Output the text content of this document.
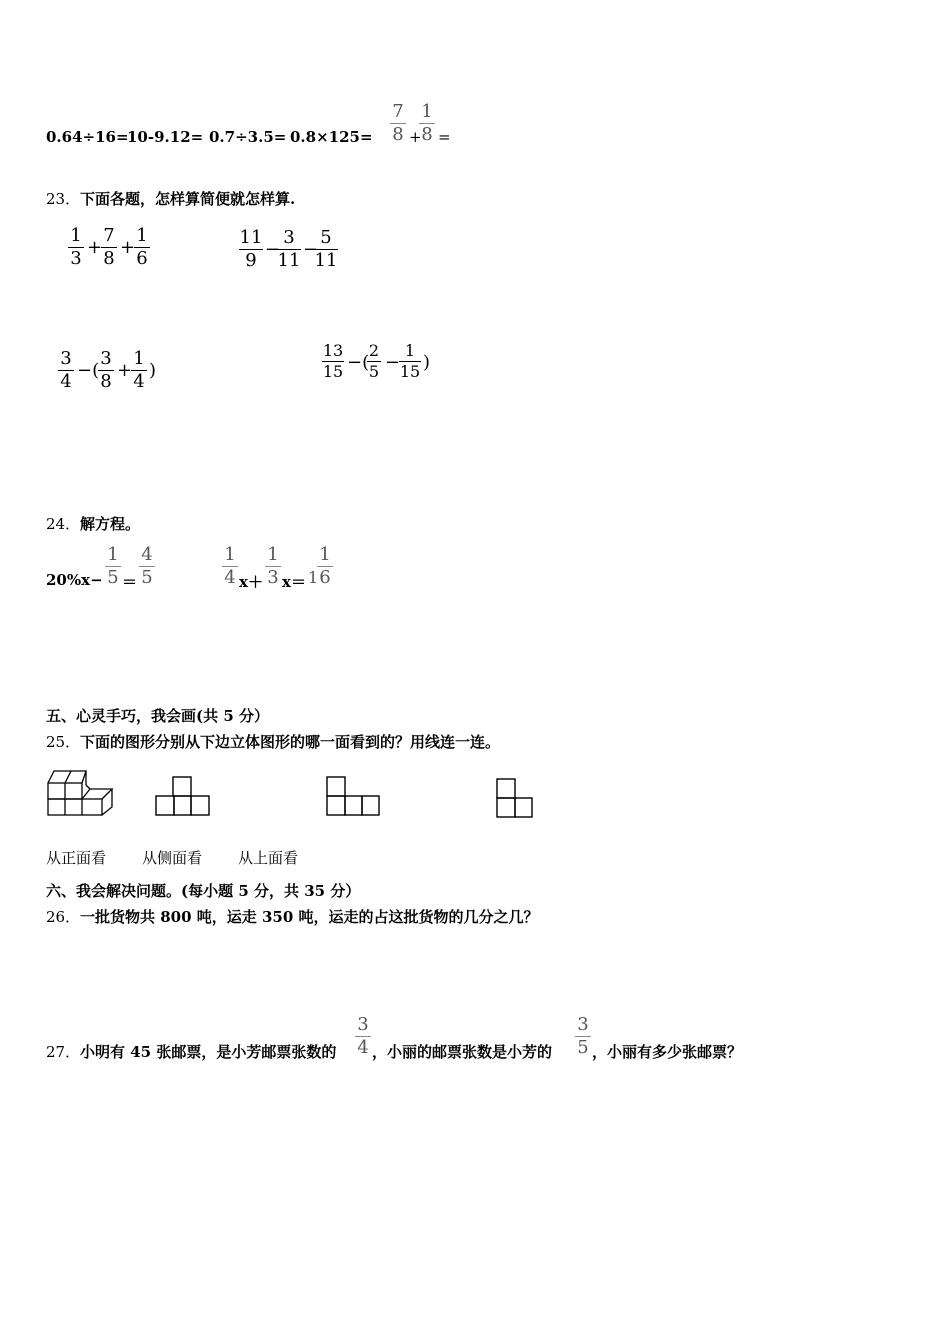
0.64÷16=
10-9.12= 0.7÷3.5= 0.8×125=
7
8 +
1
8 =
23． 下面各题，怎样算简便就怎样算.
1
3
+
7
8
+
1
6
11
9
−
3
11
−
5
11
3
4
−(
3
8
+
1
4
)
13
15 −(
2
5 −
1
15 )
24． 解方程。
20%x−
1
5 ＝
4
5
1
4 x＋
1
3 x＝ 1
1
6
五、心灵手巧，我会画(共 5 分）
25． 下面的图形分别从下边立体图形的哪一面看到的？用线连一连。
从正面看 从侧面看 从上面看
六、我会解决问题。(每小题 5 分，共 35 分）
26． 一批货物共 800 吨，运走 350 吨，运走的占这批货物的几分之几？
27． 小明有 45 张邮票，是小芳邮票张数的
3
4 ，小丽的邮票张数是小芳的
3
5 ，小丽有多少张邮票？
